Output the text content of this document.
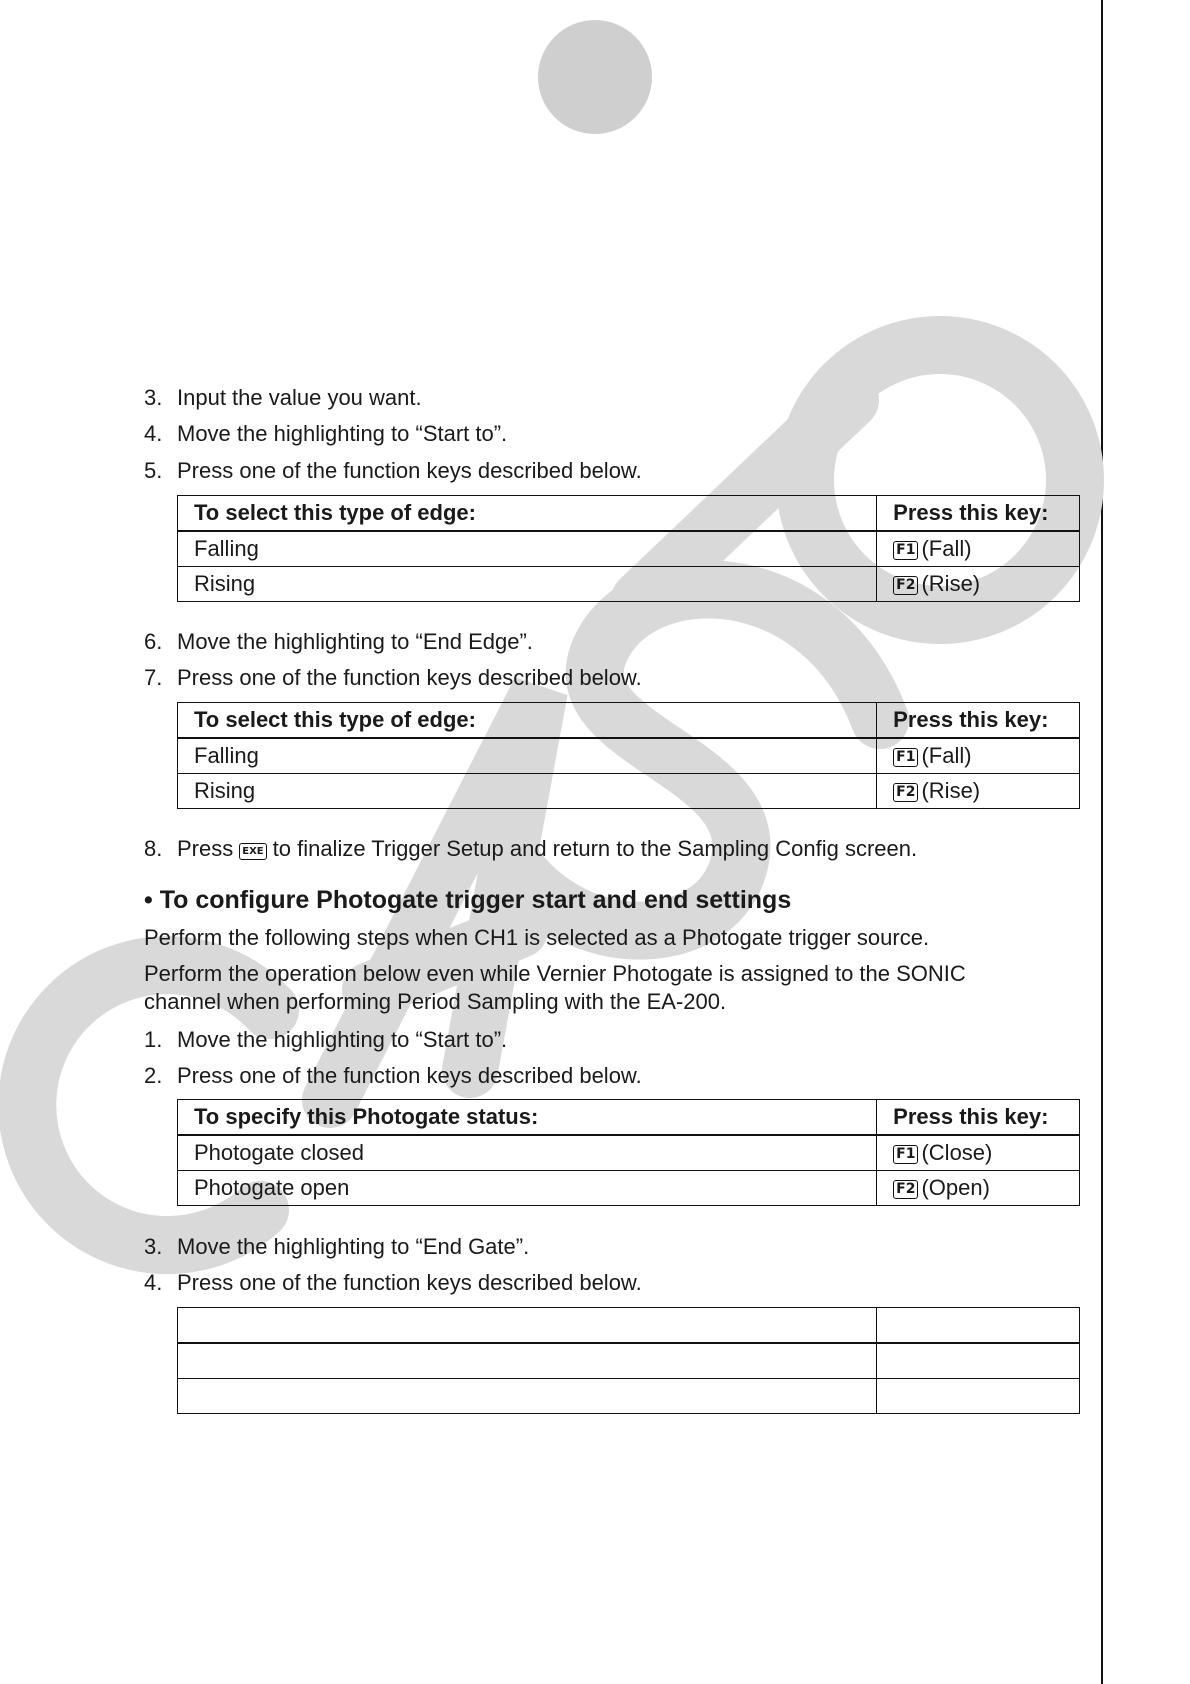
CASIO
3. Input the value you want.
4. Move the highlighting to “Start to”.
5. Press one of the function keys described below.
To select this type of edge:	Press this key:
Falling	F1 (Fall)
Rising	F2 (Rise)
6. Move the highlighting to “End Edge”.
7. Press one of the function keys described below.
To select this type of edge:	Press this key:
Falling	F1 (Fall)
Rising	F2 (Rise)
8. Press EXE to finalize Trigger Setup and return to the Sampling Config screen.
• To configure Photogate trigger start and end settings
Perform the following steps when CH1 is selected as a Photogate trigger source.
Perform the operation below even while Vernier Photogate is assigned to the SONIC channel when performing Period Sampling with the EA-200.
1. Move the highlighting to “Start to”.
2. Press one of the function keys described below.
To specify this Photogate status:	Press this key:
Photogate closed	F1 (Close)
Photogate open	F2 (Open)
3. Move the highlighting to “End Gate”.
4. Press one of the function keys described below.
